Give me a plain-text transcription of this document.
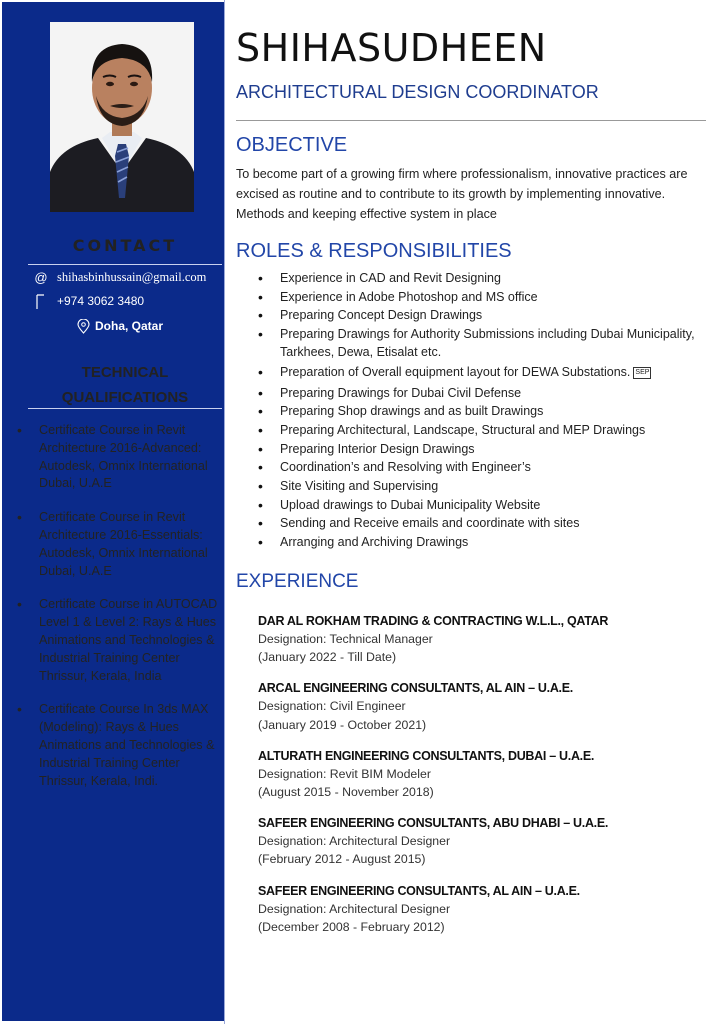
CONTACT
@ shihasbinhussain@gmail.com
+974 3062 3480
Doha, Qatar
TECHNICAL
QUALIFICATIONS
• Certificate Course in Revit Architecture 2016-Advanced: Autodesk, Omnix International Dubai, U.A.E
• Certificate Course in Revit Architecture 2016-Essentials: Autodesk, Omnix International Dubai, U.A.E
• Certificate Course in AUTOCAD Level 1 & Level 2: Rays & Hues Animations and Technologies & Industrial Training Center Thrissur, Kerala, India
• Certificate Course In 3ds MAX (Modeling): Rays & Hues Animations and Technologies & Industrial Training Center Thrissur, Kerala, Indi.
SHIHASUDHEEN
ARCHITECTURAL DESIGN COORDINATOR
OBJECTIVE
To become part of a growing firm where professionalism, innovative practices are excised as routine and to contribute to its growth by implementing innovative. Methods and keeping effective system in place
ROLES & RESPONSIBILITIES
• Experience in CAD and Revit Designing
• Experience in Adobe Photoshop and MS office
• Preparing Concept Design Drawings
• Preparing Drawings for Authority Submissions including Dubai Municipality, Tarkhees, Dewa, Etisalat etc.
• Preparation of Overall equipment layout for DEWA Substations. SEP
• Preparing Drawings for Dubai Civil Defense
• Preparing Shop drawings and as built Drawings
• Preparing Architectural, Landscape, Structural and MEP Drawings
• Preparing Interior Design Drawings
• Coordination’s and Resolving with Engineer’s
• Site Visiting and Supervising
• Upload drawings to Dubai Municipality Website
• Sending and Receive emails and coordinate with sites
• Arranging and Archiving Drawings
EXPERIENCE
DAR AL ROKHAM TRADING & CONTRACTING W.L.L., QATAR
Designation: Technical Manager
(January 2022 - Till Date)
ARCAL ENGINEERING CONSULTANTS, AL AIN – U.A.E.
Designation: Civil Engineer
(January 2019 - October 2021)
ALTURATH ENGINEERING CONSULTANTS, DUBAI – U.A.E.
Designation: Revit BIM Modeler
(August 2015 - November 2018)
SAFEER ENGINEERING CONSULTANTS, ABU DHABI – U.A.E.
Designation: Architectural Designer
(February 2012 - August 2015)
SAFEER ENGINEERING CONSULTANTS, AL AIN – U.A.E.
Designation: Architectural Designer
(December 2008 - February 2012)
